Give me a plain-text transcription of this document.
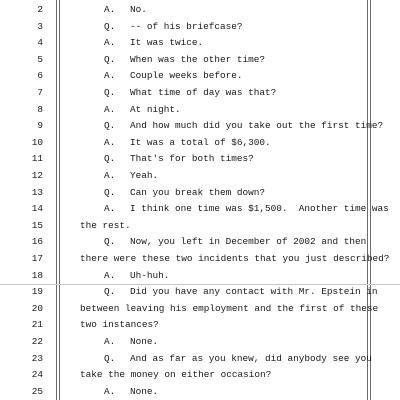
2	A. No.
3	Q. -- of his briefcase?
4	A. It was twice.
5	Q. When was the other time?
6	A. Couple weeks before.
7	Q. What time of day was that?
8	A. At night.
9	Q. And how much did you take out the first time?
10	A. It was a total of $6,300.
11	Q. That's for both times?
12	A. Yeah.
13	Q. Can you break them down?
14	A. I think one time was $1,500.  Another time was
15	the rest.
16	Q. Now, you left in December of 2002 and then
17	there were these two incidents that you just described?
18	A. Uh-huh.
19	Q. Did you have any contact with Mr. Epstein in
20	between leaving his employment and the first of these
21	two instances?
22	A. None.
23	Q. And as far as you knew, did anybody see you
24	take the money on either occasion?
25	A. None.
